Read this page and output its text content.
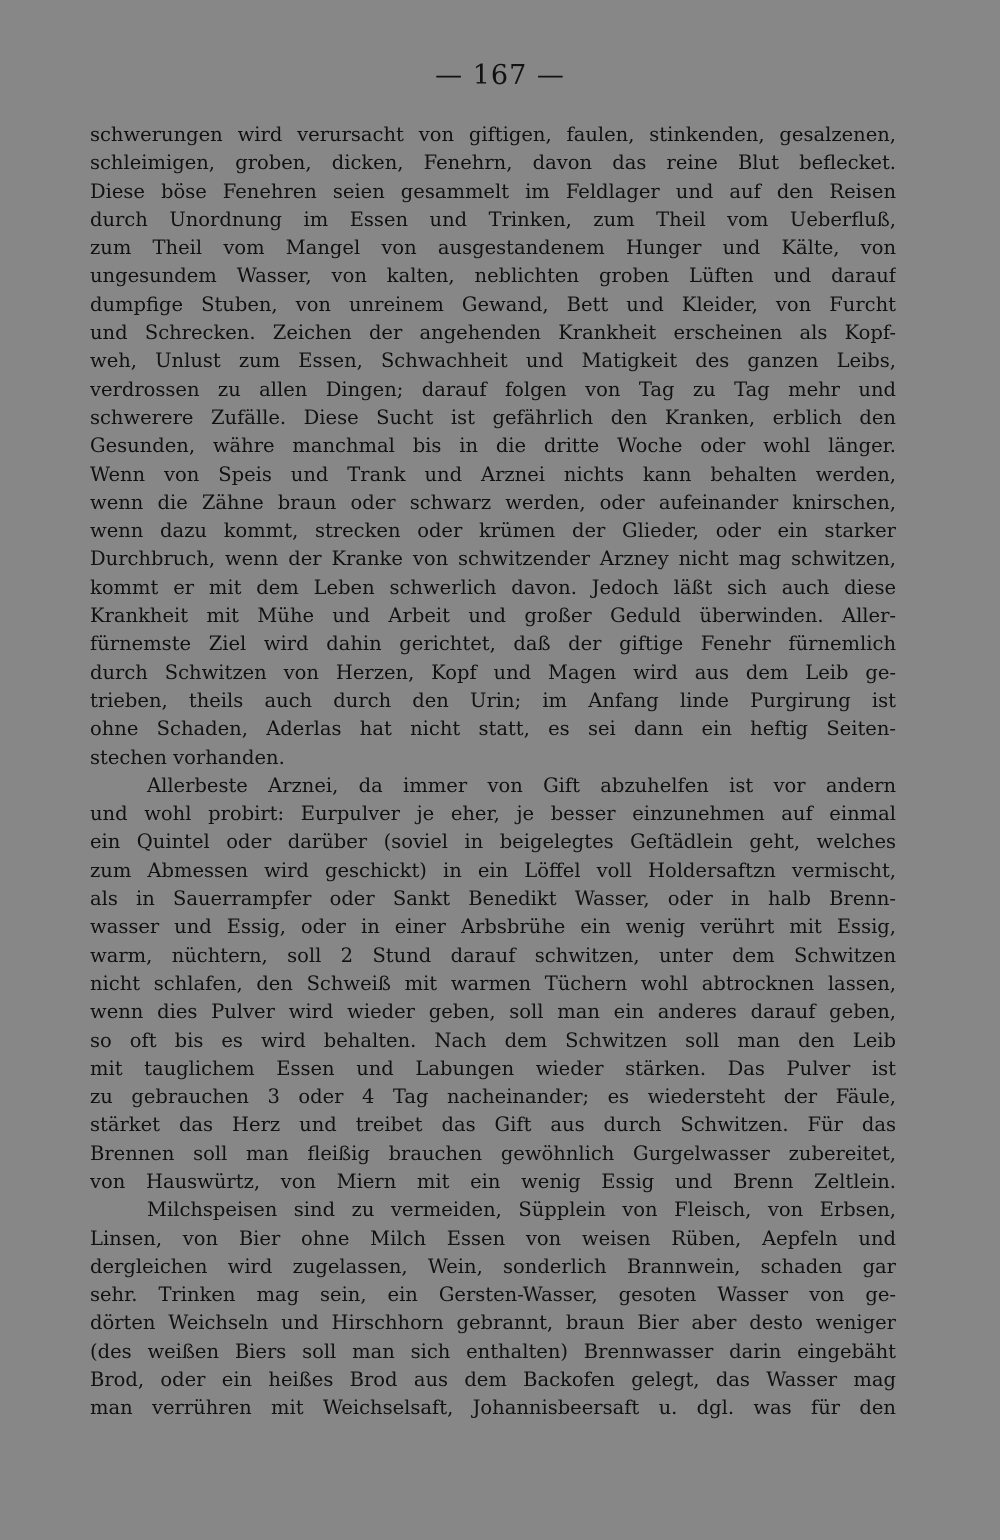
— 167 —
schwerungen wird verursacht von giftigen, faulen, stinkenden, gesalzenen,
schleimigen, groben, dicken, Fenehrn, davon das reine Blut beflecket.
Diese böse Fenehren seien gesammelt im Feldlager und auf den Reisen
durch Unordnung im Essen und Trinken, zum Theil vom Ueberfluß,
zum Theil vom Mangel von ausgestandenem Hunger und Kälte, von
ungesundem Wasser, von kalten, neblichten groben Lüften und darauf
dumpfige Stuben, von unreinem Gewand, Bett und Kleider, von Furcht
und Schrecken. Zeichen der angehenden Krankheit erscheinen als Kopf-
weh, Unlust zum Essen, Schwachheit und Matigkeit des ganzen Leibs,
verdrossen zu allen Dingen; darauf folgen von Tag zu Tag mehr und
schwerere Zufälle. Diese Sucht ist gefährlich den Kranken, erblich den
Gesunden, währe manchmal bis in die dritte Woche oder wohl länger.
Wenn von Speis und Trank und Arznei nichts kann behalten werden,
wenn die Zähne braun oder schwarz werden, oder aufeinander knirschen,
wenn dazu kommt, strecken oder krümen der Glieder, oder ein starker
Durchbruch, wenn der Kranke von schwitzender Arzney nicht mag schwitzen,
kommt er mit dem Leben schwerlich davon. Jedoch läßt sich auch diese
Krankheit mit Mühe und Arbeit und großer Geduld überwinden. Aller-
fürnemste Ziel wird dahin gerichtet, daß der giftige Fenehr fürnemlich
durch Schwitzen von Herzen, Kopf und Magen wird aus dem Leib ge-
trieben, theils auch durch den Urin; im Anfang linde Purgirung ist
ohne Schaden, Aderlas hat nicht statt, es sei dann ein heftig Seiten-
stechen vorhanden.
Allerbeste Arznei, da immer von Gift abzuhelfen ist vor andern
und wohl probirt: Eurpulver je eher, je besser einzunehmen auf einmal
ein Quintel oder darüber (soviel in beigelegtes Geſtädlein geht, welches
zum Abmessen wird geschickt) in ein Löffel voll Holdersaftzn vermischt,
als in Sauerrampfer oder Sankt Benedikt Wasser, oder in halb Brenn-
wasser und Essig, oder in einer Arbsbrühe ein wenig verührt mit Essig,
warm, nüchtern, soll 2 Stund darauf schwitzen, unter dem Schwitzen
nicht schlafen, den Schweiß mit warmen Tüchern wohl abtrocknen lassen,
wenn dies Pulver wird wieder geben, soll man ein anderes darauf geben,
so oft bis es wird behalten. Nach dem Schwitzen soll man den Leib
mit tauglichem Essen und Labungen wieder stärken. Das Pulver ist
zu gebrauchen 3 oder 4 Tag nacheinander; es wiedersteht der Fäule,
stärket das Herz und treibet das Gift aus durch Schwitzen. Für das
Brennen soll man fleißig brauchen gewöhnlich Gurgelwasser zubereitet,
von Hauswürtz, von Miern mit ein wenig Essig und Brenn Zeltlein.
Milchspeisen sind zu vermeiden, Süpplein von Fleisch, von Erbsen,
Linsen, von Bier ohne Milch Essen von weisen Rüben, Aepfeln und
dergleichen wird zugelassen, Wein, sonderlich Brannwein, schaden gar
sehr. Trinken mag sein, ein Gersten-Wasser, gesoten Wasser von ge-
dörten Weichseln und Hirschhorn gebrannt, braun Bier aber desto weniger
(des weißen Biers soll man sich enthalten) Brennwasser darin eingebäht
Brod, oder ein heißes Brod aus dem Backofen gelegt, das Wasser mag
man verrühren mit Weichselsaft, Johannisbeersaft u. dgl. was für den
